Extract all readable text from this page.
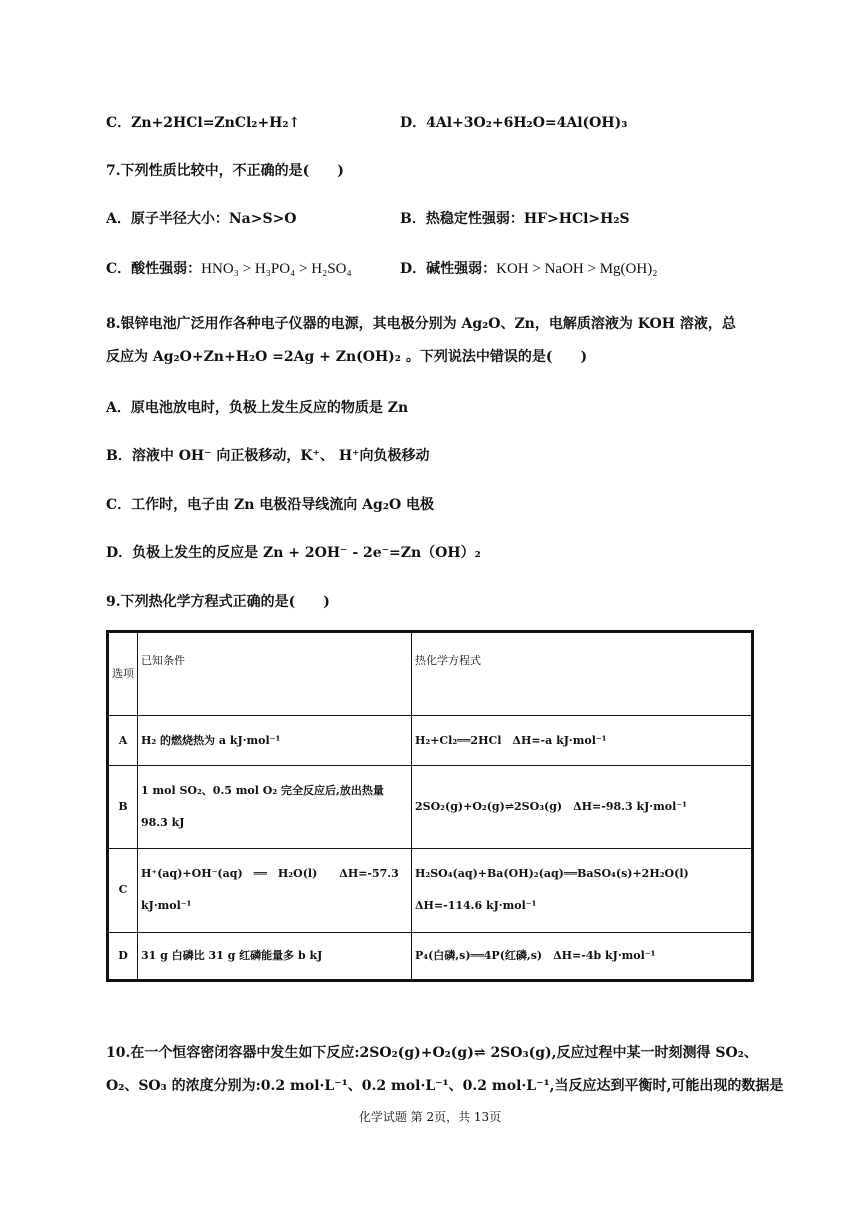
C．Zn+2HCl=ZnCl₂+H₂↑	D．4Al+3O₂+6H₂O=4Al(OH)₃
7.下列性质比较中，不正确的是(　　)
A．原子半径大小：Na>S>O	B．热稳定性强弱：HF>HCl>H₂S
C．酸性强弱：HNO₃ > H₃PO₄ > H₂SO₄	D．碱性强弱：KOH > NaOH > Mg(OH)₂
8.银锌电池广泛用作各种电子仪器的电源，其电极分别为 Ag₂O、Zn，电解质溶液为 KOH 溶液，总
反应为 Ag₂O+Zn+H₂O =2Ag + Zn(OH)₂ 。下列说法中错误的是(　　)
A．原电池放电时，负极上发生反应的物质是 Zn
B．溶液中 OH⁻ 向正极移动，K⁺、 H⁺向负极移动
C．工作时，电子由 Zn 电极沿导线流向 Ag₂O 电极
D．负极上发生的反应是 Zn + 2OH⁻ - 2e⁻=Zn（OH）₂
9.下列热化学方程式正确的是(　　)
选项	已知条件	热化学方程式
A	H₂ 的燃烧热为 a kJ·mol⁻¹	H₂+Cl₂══2HCl　ΔH=-a kJ·mol⁻¹
B	1 mol SO₂、0.5 mol O₂ 完全反应后,放出热量 98.3 kJ	2SO₂(g)+O₂(g)⇌2SO₃(g)　ΔH=-98.3 kJ·mol⁻¹
C	H⁺(aq)+OH⁻(aq)　══　H₂O(l)　　ΔH=-57.3 kJ·mol⁻¹	H₂SO₄(aq)+Ba(OH)₂(aq)══BaSO₄(s)+2H₂O(l)　ΔH=-114.6 kJ·mol⁻¹
D	31 g 白磷比 31 g 红磷能量多 b kJ	P₄(白磷,s)══4P(红磷,s)　ΔH=-4b kJ·mol⁻¹
10.在一个恒容密闭容器中发生如下反应:2SO₂(g)+O₂(g)⇌ 2SO₃(g),反应过程中某一时刻测得 SO₂、
O₂、SO₃ 的浓度分别为:0.2 mol·L⁻¹、0.2 mol·L⁻¹、0.2 mol·L⁻¹,当反应达到平衡时,可能出现的数据是
化学试题 第 2页，共 13页
